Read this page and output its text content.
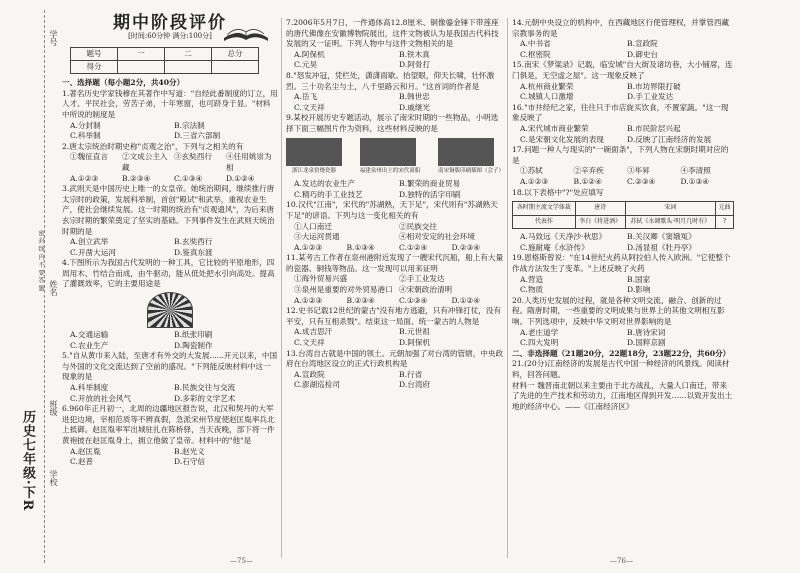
学号
姓名
班级
学校
密 封 线 内 不 要 答 题
历史七年级·下R
期中阶段评价
[时间:60分钟 满分:100分]
题号	一	二	总分
得分			

一、选择题（每小题2分，共40分）

1.著名历史学家钱穆在其著作中写道："自经此番制度的订立，用人才、平民社会，劳苦子弟，十年寒窗，也可跻身于显。"材料中所说的制度是

A.分封制	B.宗法制
C.科举制	D.三省六部制

2.唐太宗统治时期史称"贞观之治"，下列与之相关的有

①魏征直言	②文成公主入藏
③玄奘西行	④任用姚崇为相
A.①②③	B.②③④	C.①③④	D.①②④

3.武则天是中国历史上唯一的女皇帝。她统治期间，继续推行唐太宗时的政策，发展科举制，首创"殿试"和武举，重视农业生产，使社会继续发展。这一时期的统治有"贞观遗风"，为后来唐玄宗时期的繁荣奠定了坚实的基础。下列事件发生在武则天统治时期的是

A.创立武举	B.玄奘西行
C.开凿大运河	D.鉴真东渡

4.下图所示为我国古代发明的一种工具，它比较的平原地形，四周用木、竹结合而成，由牛驱动，能从低处把水引向高处。提高了灌溉效率，它的主要用途是

A.交通运输	B.纸张印刷
C.农业生产	D.陶瓷制作

5."自从黄巾来入陆，至唐才有外交的大发展......开元以来，中国与外国的文化交流达到了空前的盛况。"下列能反映材料中这一现象的是

A.科举制度	B.民族交往与交流
C.开放的社会风气	D.多彩的文学艺术

6.960年正月初一，北周的边疆地区报告说，北汉和契丹的大军进犯边境，宰相范质等不辨真假，急派宋州节度使赵匡胤率兵北上抵御。赵匡胤率军出城驻扎在陈桥驿，当天夜晚，部下将一件黄袍披在赵匡胤身上，拥立他做了皇帝。材料中的"他"是

A.赵匡胤	B.赵光义
C.赵普	D.石守信
—75—

7.2006年5月7日，一件通体高12.8厘米、铜像鎏金锤下带莲座的唐代佛像在安徽博物院展出，这件文物被认为是我国古代科技发展的又一证明。下列人物中与这件文物相关的是

A.阿保机	B.铁木真
C.元昊	D.阿骨打

8."怒发冲冠，凭栏处，潇潇雨歇。抬望眼，仰天长啸，壮怀激烈。三十功名尘与土，八千里路云和月。"这首词的作者是

A.岳飞	B.韩世忠
C.文天祥	D.戚继光

9.某校开展历史专题活动，展示了南宋时期的一些物品，小明选择下面三幅图片作为资料，这些材料反映的是

浙江龙泉窑烧瓷器	福建泉州出土的宋代商船	南宋铜版印刷插图（会子）
A.发达的农业生产	B.繁荣的商业贸易
C.精巧的手工业技艺	D.独特的活字印刷

10.汉代"江南"，宋代的"苏湖熟，天下足"，宋代则有"苏湖熟天下足"的谚语。下列与这一变化相关的有

①人口南迁	②民族交往
③大运河贯通	④相对安定的社会环境
A.①②③	B.①③④	C.①②④	D.②③④

11.某考古工作者在泉州港附近发现了一艘宋代沉船，船上有大量的瓷器、铜钱等物品。这一发现可以用来证明

①海外贸易兴盛	②手工业发达
③泉州是重要的对外贸易港口 ④宋朝政治清明
A.①②③	B.②③④	C.①③④	D.①②④

12.史书记载12世纪的蒙古"没有地方逃避，只有冲锋打仗，没有平安，只有互相杀戮"。结束这一局面、统一蒙古的人物是

A.成吉思汗	B.元世祖
C.文天祥	D.阿保机

13.台湾自古就是中国的领土。元朝加强了对台湾的管辖，中央政府在台湾地区设立的正式行政机构是

A.宣政院	B.行省
C.澎湖巡检司	D.台湾府

14.元朝中央设立的机构中，在西藏地区行使管理权，并掌管西藏宗教事务的是

A.中书省	B.宣政院
C.枢密院	D.御史台

15.南宋《梦粱录》记载，临安城"自大街及诸坊巷，大小铺席，连门俱是，无空虚之屋"。这一现象反映了

A.杭州商业繁荣	B.市坊界限打破
C.城镇人口激增	D.手工业发达

16."市井经纪之家，往往只于市店旋买饮食，不置家蔬。"这一现象反映了

A.宋代城市商业繁荣	B.市民阶层兴起
C.是宋朝文化发展的表现	D.反映了江南经济的发展

17.问题一种人与现实的"一碗面条"，下列人物在宋朝时期对应的是

①苏轼	②辛弃疾	③毕昇	④李清照
A.①②③	B.①②④	C.②③④	D.①③④

18.以下表格中"?"处应填写

各时期主流文学体裁	唐诗	宋词	元曲
代表作	李白《将进酒》	苏轼《水调歌头·明月几时有》	?
A.马致远《天净沙·秋思》	B.关汉卿《窦娥冤》
C.施耐庵《水浒传》	D.汤显祖《牡丹亭》

19.恩格斯曾说："在14世纪火药从阿拉伯人传入欧洲。"它使整个作战方法发生了变革。"上述反映了火药

A.营造	B.国家
C.物质	D.影响

20.人类历史发展的过程，就是各种文明交流、融合、创新的过程。隋唐时期，一些重要的文明成果与世界上的其他文明相互影响。下列选项中，反映中华文明对世界影响的是

A.老庄道学	B.唐诗宋词
C.四大发明	D.国粹京剧

二、非选择题（21题20分，22题18分，23题22分，共60分）

21.(20分)江南经济的发展是古代中国一种经济的风景线。阅读材料，回答问题。

材料一 魏晋南北朝以来主要由于北方战乱，大量人口南迁，带来了先进的生产技术和劳动力，江南地区得到开发……以致开发出土地的经济中心。——《江南经济区》

—76—
